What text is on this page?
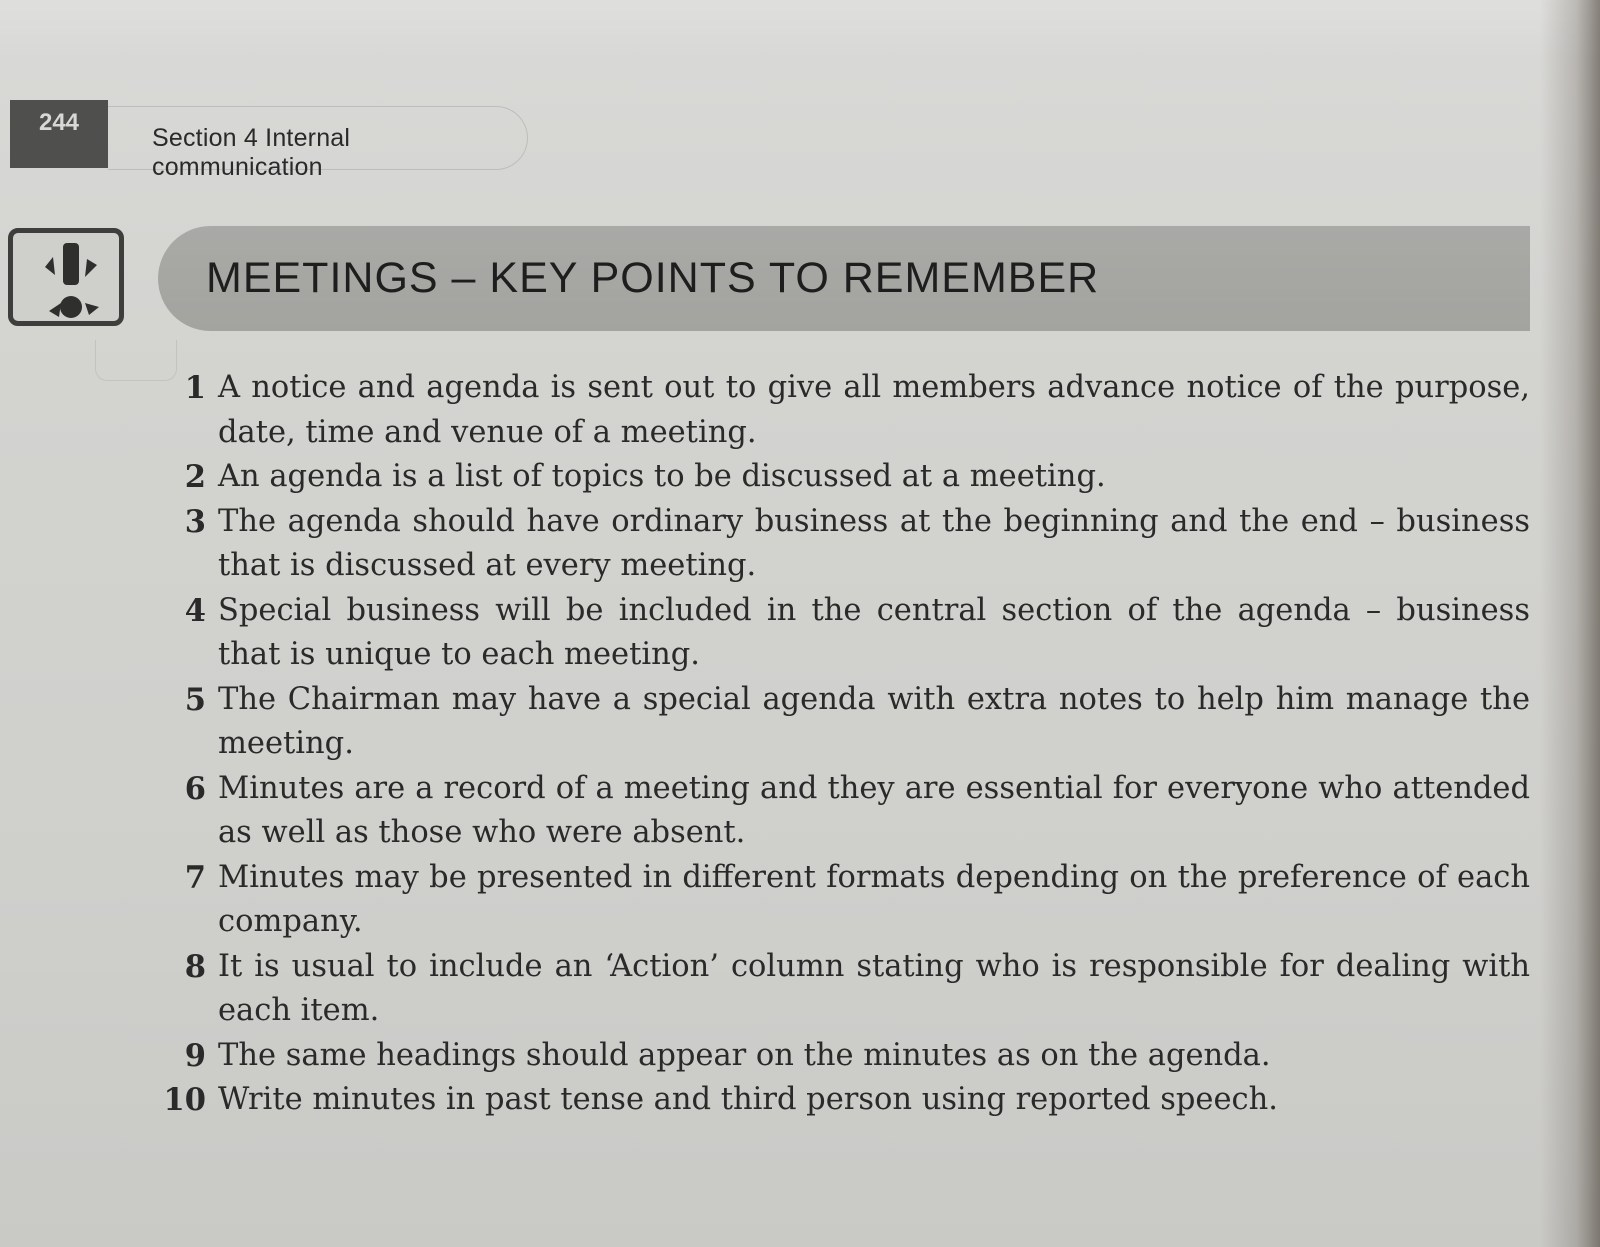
244
Section 4 Internal communication
MEETINGS – KEY POINTS TO REMEMBER
1 A notice and agenda is sent out to give all members advance notice of the purpose, date, time and venue of a meeting.
2 An agenda is a list of topics to be discussed at a meeting.
3 The agenda should have ordinary business at the beginning and the end – business that is discussed at every meeting.
4 Special business will be included in the central section of the agenda – business that is unique to each meeting.
5 The Chairman may have a special agenda with extra notes to help him manage the meeting.
6 Minutes are a record of a meeting and they are essential for everyone who attended as well as those who were absent.
7 Minutes may be presented in different formats depending on the preference of each company.
8 It is usual to include an ‘Action’ column stating who is responsible for dealing with each item.
9 The same headings should appear on the minutes as on the agenda.
10 Write minutes in past tense and third person using reported speech.
